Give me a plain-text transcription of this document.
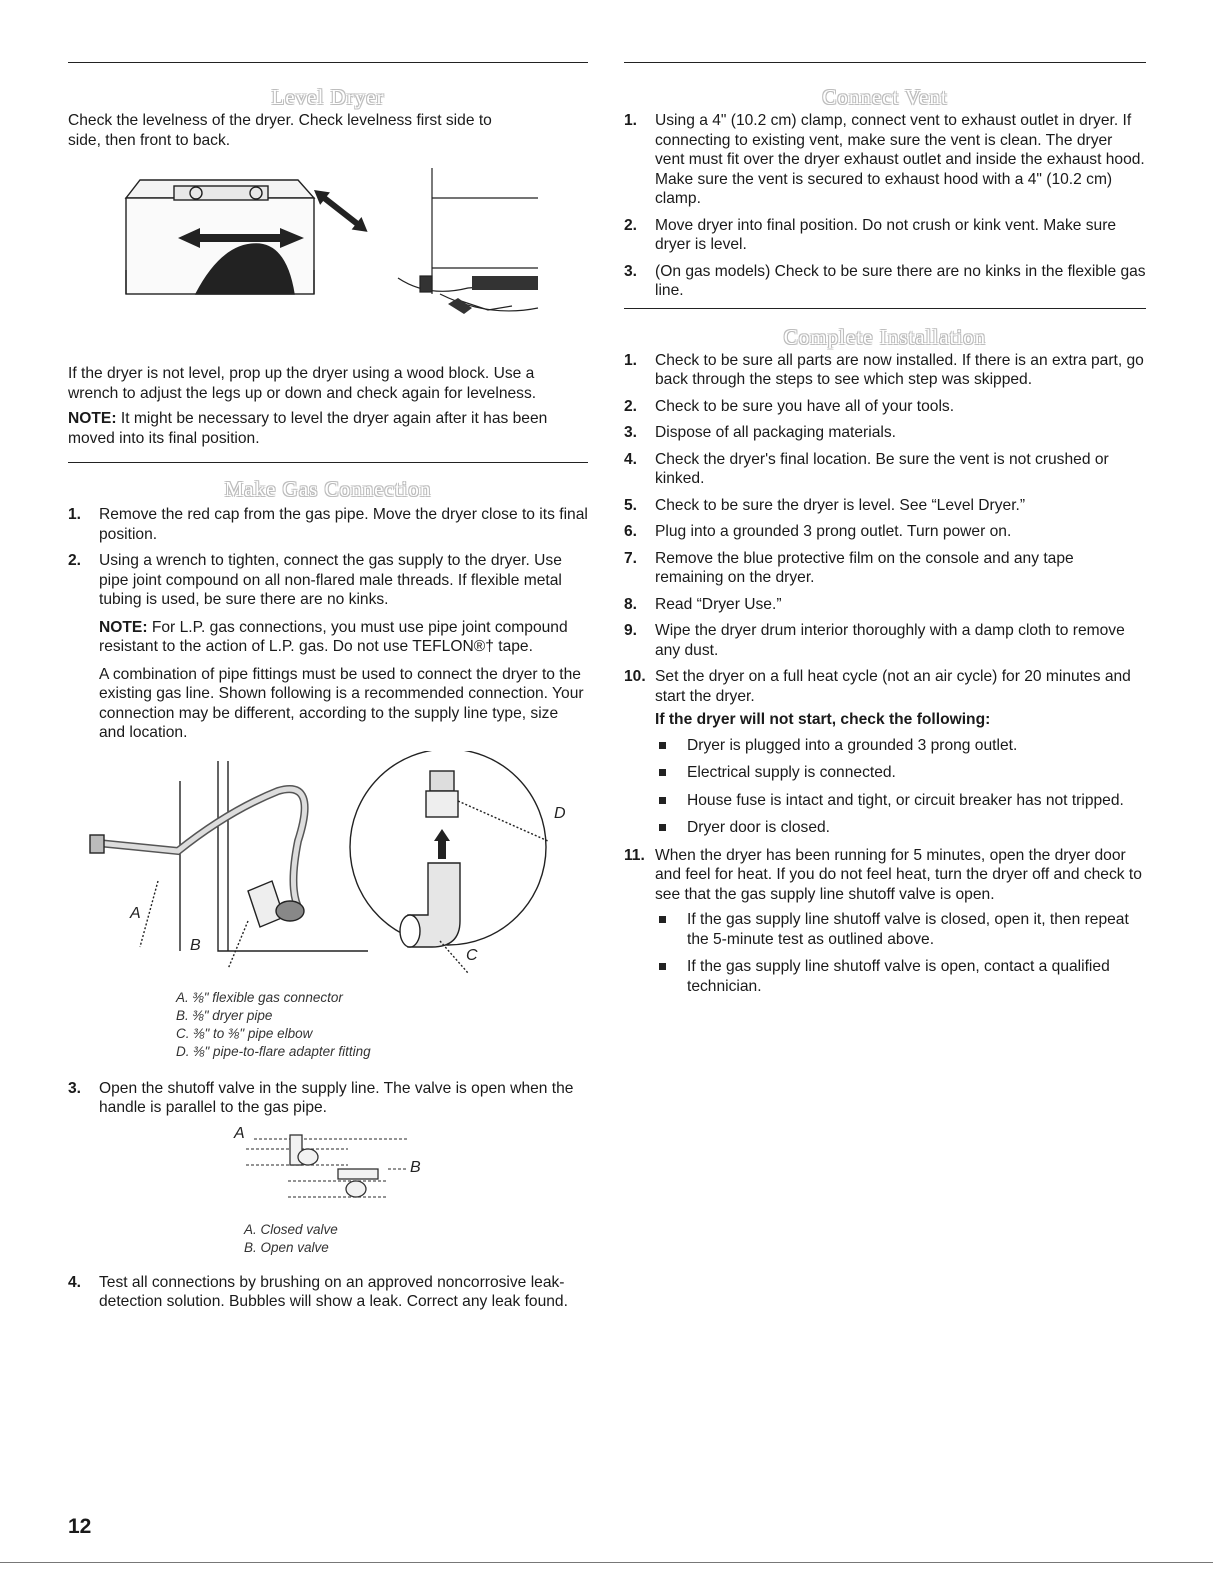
Level Dryer

Check the levelness of the dryer. Check levelness first side to side, then front to back.

If the dryer is not level, prop up the dryer using a wood block. Use a wrench to adjust the legs up or down and check again for levelness.

NOTE: It might be necessary to level the dryer again after it has been moved into its final position.

Make Gas Connection
1.	Remove the red cap from the gas pipe. Move the dryer close to its final position.
2.	Using a wrench to tighten, connect the gas supply to the dryer. Use pipe joint compound on all non-flared male threads. If flexible metal tubing is used, be sure there are no kinks.

NOTE: For L.P. gas connections, you must use pipe joint compound resistant to the action of L.P. gas. Do not use TEFLON®† tape.

A combination of pipe fittings must be used to connect the dryer to the existing gas line. Shown following is a recommended connection. Your connection may be different, according to the supply line type, size and location.

A
B
C
D
A. ⅜" flexible gas connector
B. ⅜" dryer pipe
C. ⅜" to ⅜" pipe elbow
D. ⅜" pipe-to-flare adapter fitting
3.	Open the shutoff valve in the supply line. The valve is open when the handle is parallel to the gas pipe.
A
B
A. Closed valve
B. Open valve
4.	Test all connections by brushing on an approved noncorrosive leak-detection solution. Bubbles will show a leak. Correct any leak found.
Connect Vent
1.	Using a 4" (10.2 cm) clamp, connect vent to exhaust outlet in dryer. If connecting to existing vent, make sure the vent is clean. The dryer vent must fit over the dryer exhaust outlet and inside the exhaust hood. Make sure the vent is secured to exhaust hood with a 4" (10.2 cm) clamp.
2.	Move dryer into final position. Do not crush or kink vent. Make sure dryer is level.
3.	(On gas models) Check to be sure there are no kinks in the flexible gas line.
Complete Installation
1.	Check to be sure all parts are now installed. If there is an extra part, go back through the steps to see which step was skipped.
2.	Check to be sure you have all of your tools.
3.	Dispose of all packaging materials.
4.	Check the dryer's final location. Be sure the vent is not crushed or kinked.
5.	Check to be sure the dryer is level. See “Level Dryer.”
6.	Plug into a grounded 3 prong outlet. Turn power on.
7.	Remove the blue protective film on the console and any tape remaining on the dryer.
8.	Read “Dryer Use.”
9.	Wipe the dryer drum interior thoroughly with a damp cloth to remove any dust.
10. Set the dryer on a full heat cycle (not an air cycle) for 20 minutes and start the dryer.

If the dryer will not start, check the following:

Dryer is plugged into a grounded 3 prong outlet.
Electrical supply is connected.
House fuse is intact and tight, or circuit breaker has not tripped.
Dryer door is closed.
11. When the dryer has been running for 5 minutes, open the dryer door and feel for heat. If you do not feel heat, turn the dryer off and check to see that the gas supply line shutoff valve is open.
If the gas supply line shutoff valve is closed, open it, then repeat the 5-minute test as outlined above.
If the gas supply line shutoff valve is open, contact a qualified technician.
12
